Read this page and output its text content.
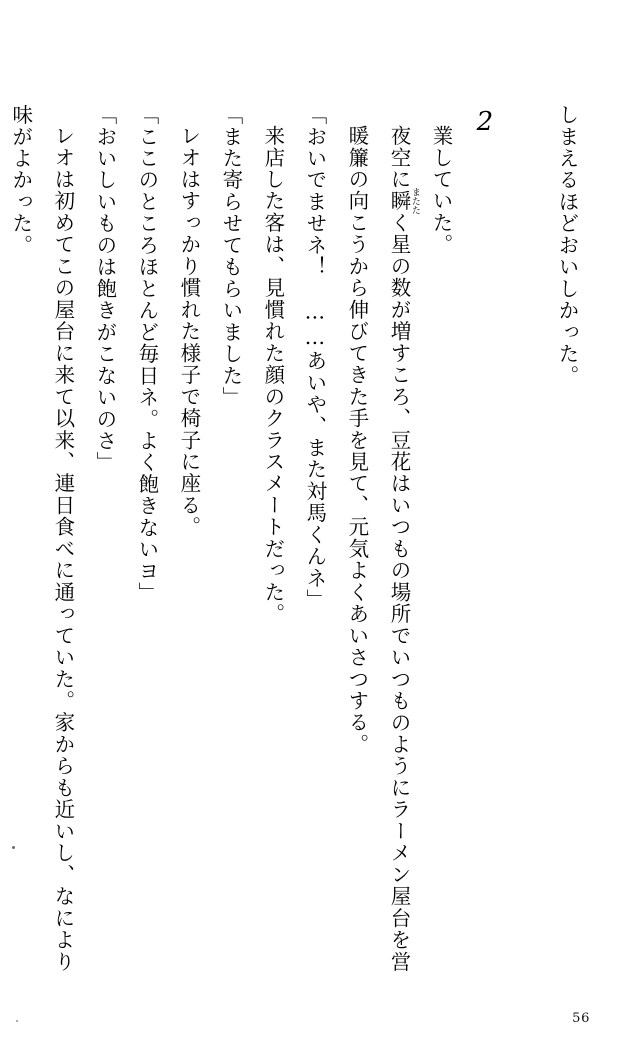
しまえるほどおいしかった。

2

業していた。

夜空に瞬 またたく星の数が増すころ、豆花はいつもの場所でいつものようにラーメン屋台を営

暖簾の向こうから伸びてきた手を見て、元気よくあいさつする。

「おいでませネ！　……あいや、また対馬くんネ」

来店した客は、見慣れた顔のクラスメートだった。

「また寄らせてもらいました」

レオはすっかり慣れた様子で椅子に座る。

「ここのところほとんど毎日ネ。よく飽きないヨ」

「おいしいものは飽きがこないのさ」

レオは初めてこの屋台に来て以来、連日食べに通っていた。家からも近いし、なにより

味がよかった。

56
